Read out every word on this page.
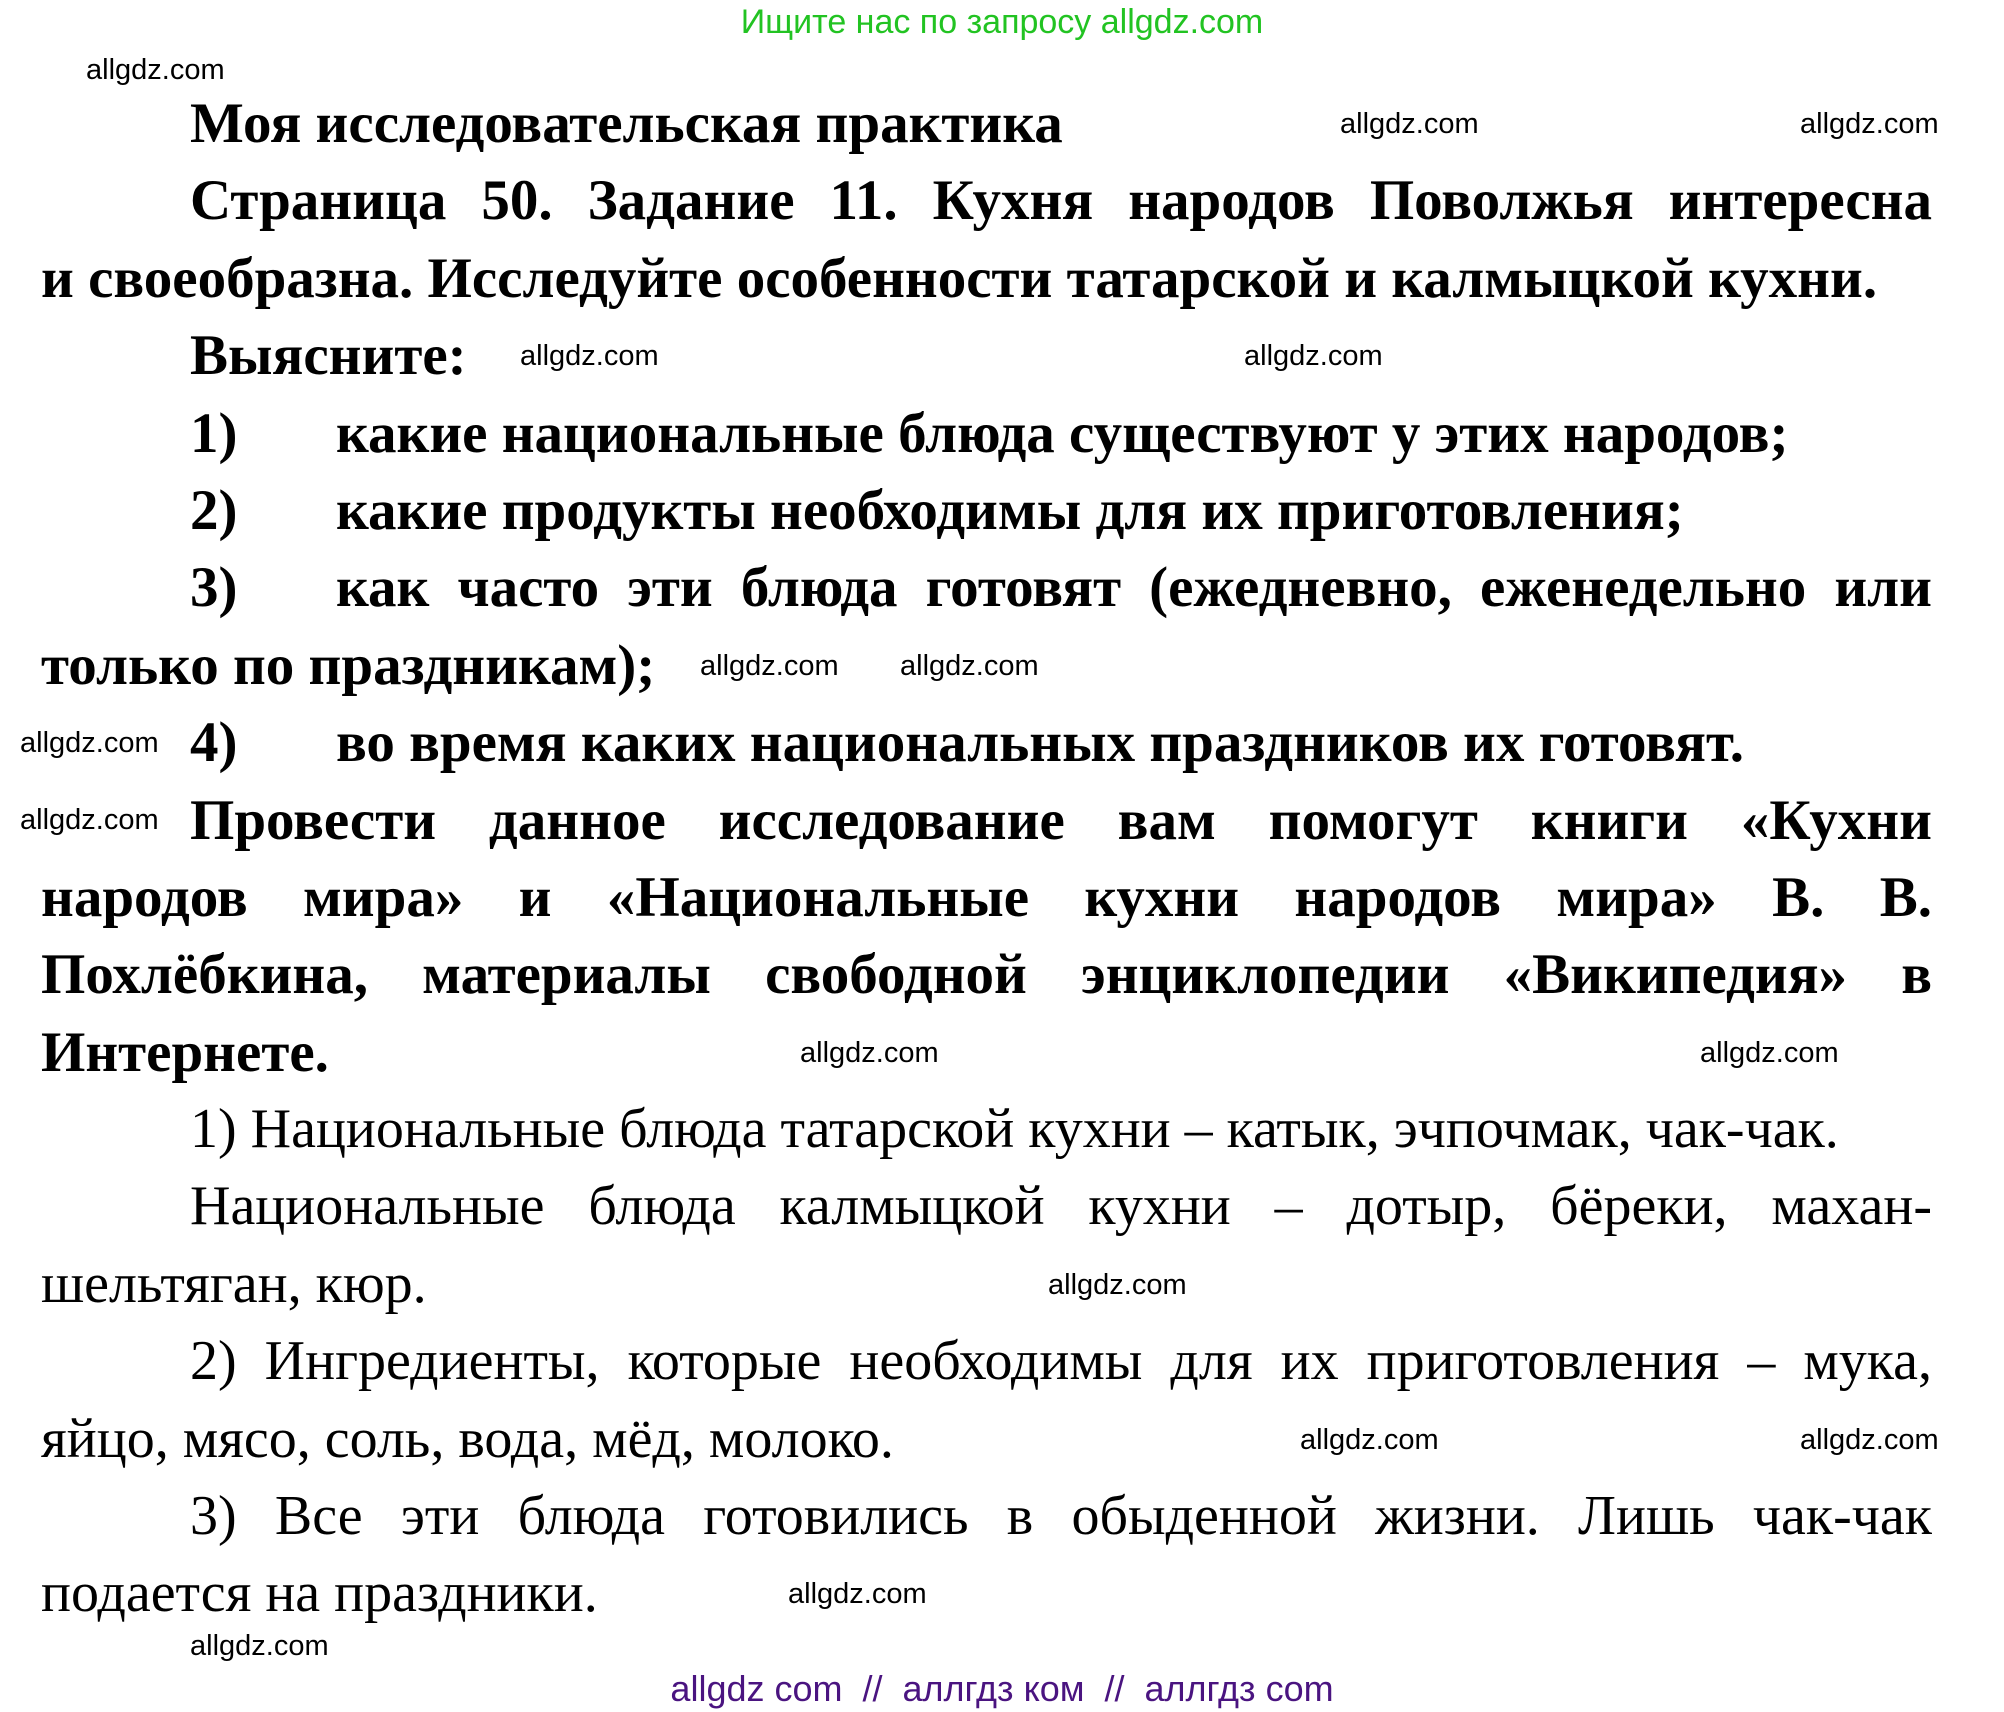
Ищите нас по запросу allgdz.com
Моя исследовательская практика
Страница 50. Задание 11. Кухня народов Поволжья интересна
и своеобразна. Исследуйте особенности татарской и калмыцкой кухни.
Выясните:
1) какие национальные блюда существуют у этих народов;
2) какие продукты необходимы для их приготовления;
3) как часто эти блюда готовят (ежедневно, еженедельно или
только по праздникам);
4) во время каких национальных праздников их готовят.
Провести данное исследование вам помогут книги «Кухни
народов мира» и «Национальные кухни народов мира» В. В.
Похлёбкина, материалы свободной энциклопедии «Википедия» в
Интернете.
1) Национальные блюда татарской кухни – катык, эчпочмак, чак-чак.
Национальные блюда калмыцкой кухни – дотыр, бёреки, махан-
шельтяган, кюр.
2) Ингредиенты, которые необходимы для их приготовления – мука,
яйцо, мясо, соль, вода, мёд, молоко.
3) Все эти блюда готовились в обыденной жизни. Лишь чак-чак
подается на праздники.
allgdz.com
allgdz.com	allgdz.com
allgdz.com	allgdz.com
allgdz.com allgdz.com
allgdz.com
allgdz.com
allgdz.com
allgdz.com
allgdz.com
allgdz.com
allgdz.com
allgdz.com
allgdz.com
allgdz com  //  аллгдз ком  //  аллгдз com
